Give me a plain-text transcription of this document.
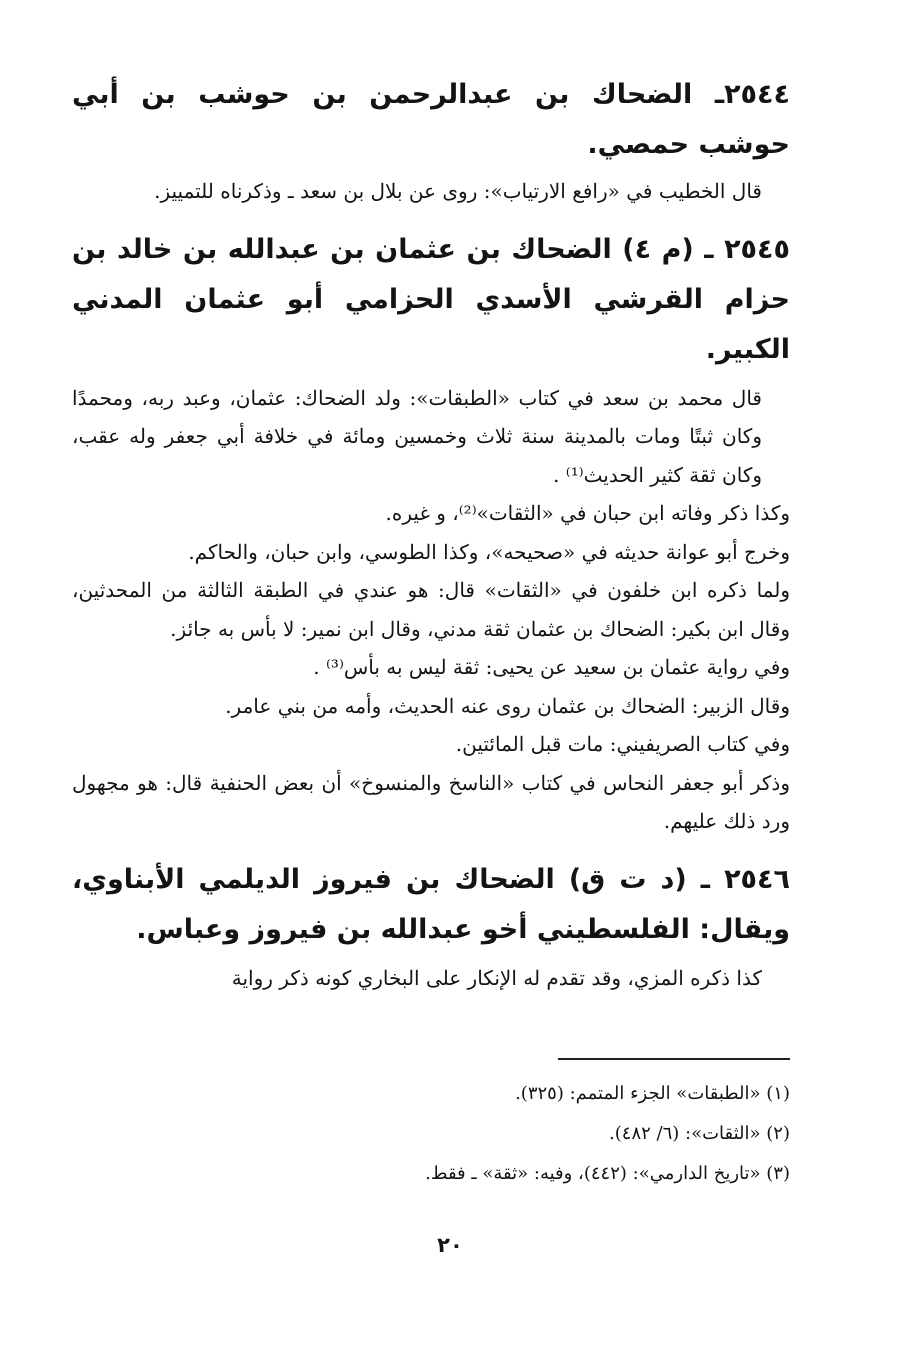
٢٥٤٤ـ الضحاك بن عبدالرحمن بن حوشب بن أبي حوشب حمصي.

قال الخطيب في «رافع الارتياب»: روى عن بلال بن سعد ـ وذكرناه للتمييز.

٢٥٤٥ ـ (م ٤) الضحاك بن عثمان بن عبدالله بن خالد بن حزام القرشي الأسدي الحزامي أبو عثمان المدني الكبير.

قال محمد بن سعد في كتاب «الطبقات»: ولد الضحاك: عثمان، وعبد ربه، ومحمدًا وكان ثبتًا ومات بالمدينة سنة ثلاث وخمسين ومائة في خلافة أبي جعفر وله عقب، وكان ثقة كثير الحديث⁽¹⁾ .

وكذا ذكر وفاته ابن حبان في «الثقات»⁽²⁾، و غيره.

وخرج أبو عوانة حديثه في «صحيحه»، وكذا الطوسي، وابن حبان، والحاكم.

ولما ذكره ابن خلفون في «الثقات» قال: هو عندي في الطبقة الثالثة من المحدثين، وقال ابن بكير: الضحاك بن عثمان ثقة مدني، وقال ابن نمير: لا بأس به جائز.

وفي رواية عثمان بن سعيد عن يحيى: ثقة ليس به بأس⁽³⁾ .

وقال الزبير: الضحاك بن عثمان روى عنه الحديث، وأمه من بني عامر.

وفي كتاب الصريفيني: مات قبل المائتين.

وذكر أبو جعفر النحاس في كتاب «الناسخ والمنسوخ» أن بعض الحنفية قال: هو مجهول ورد ذلك عليهم.

٢٥٤٦ ـ (د ت ق) الضحاك بن فيروز الديلمي الأبناوي، ويقال: الفلسطيني أخو عبدالله بن فيروز وعباس.

كذا ذكره المزي، وقد تقدم له الإنكار على البخاري كونه ذكر رواية

(١) «الطبقات» الجزء المتمم: (٣٢٥).

(٢) «الثقات»: (٦/ ٤٨٢).

(٣) «تاريخ الدارمي»: (٤٤٢)، وفيه: «ثقة» ـ فقط.

٢٠
